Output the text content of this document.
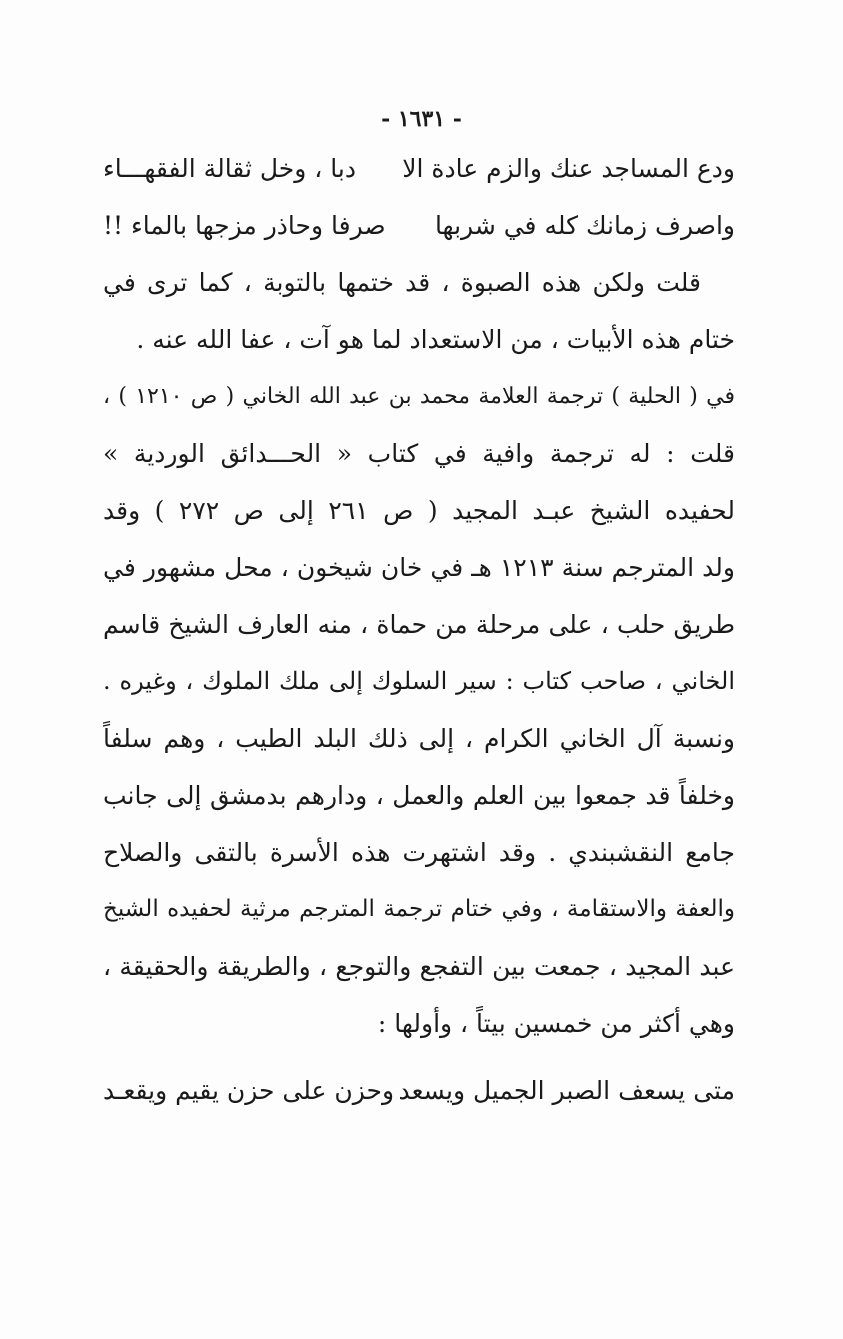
- ١٦٣١ -
ودع المساجد عنك والزم عادة الا
دبا ، وخل ثقالة الفقهـــاء
واصرف زمانك كله في شربها
صرفا وحاذر مزجها بالماء !!
قلت ولكن هذه الصبوة ، قد ختمها بالتوبة ، كما ترى في
ختام هذه الأبيات ، من الاستعداد لما هو آت ، عفا الله عنه .
في ( الحلية ) ترجمة العلامة محمد بن عبد الله الخاني ( ص ١٢١٠ ) ،
قلت : له ترجمة وافية في كتاب « الحـــدائق الوردية »
لحفيده الشيخ عبـد المجيد ( ص ٢٦١ إلى ص ٢٧٢ ) وقد
ولد المترجم سنة ١٢١٣ هـ في خان شيخون ، محل مشهور في
طريق حلب ، على مرحلة من حماة ، منه العارف الشيخ قاسم
الخاني ، صاحب كتاب : سير السلوك إلى ملك الملوك ، وغيره .
ونسبة آل الخاني الكرام ، إلى ذلك البلد الطيب ، وهم سلفاً
وخلفاً قد جمعوا بين العلم والعمل ، ودارهم بدمشق إلى جانب
جامع النقشبندي . وقد اشتهرت هذه الأسرة بالتقى والصلاح
والعفة والاستقامة ، وفي ختام ترجمة المترجم مرثية لحفيده الشيخ
عبد المجيد ، جمعت بين التفجع والتوجع ، والطريقة والحقيقة ،
وهي أكثر من خمسين بيتاً ، وأولها :
متى يسعف الصبر الجميل ويسعد
وحزن على حزن يقيم ويقعـد
